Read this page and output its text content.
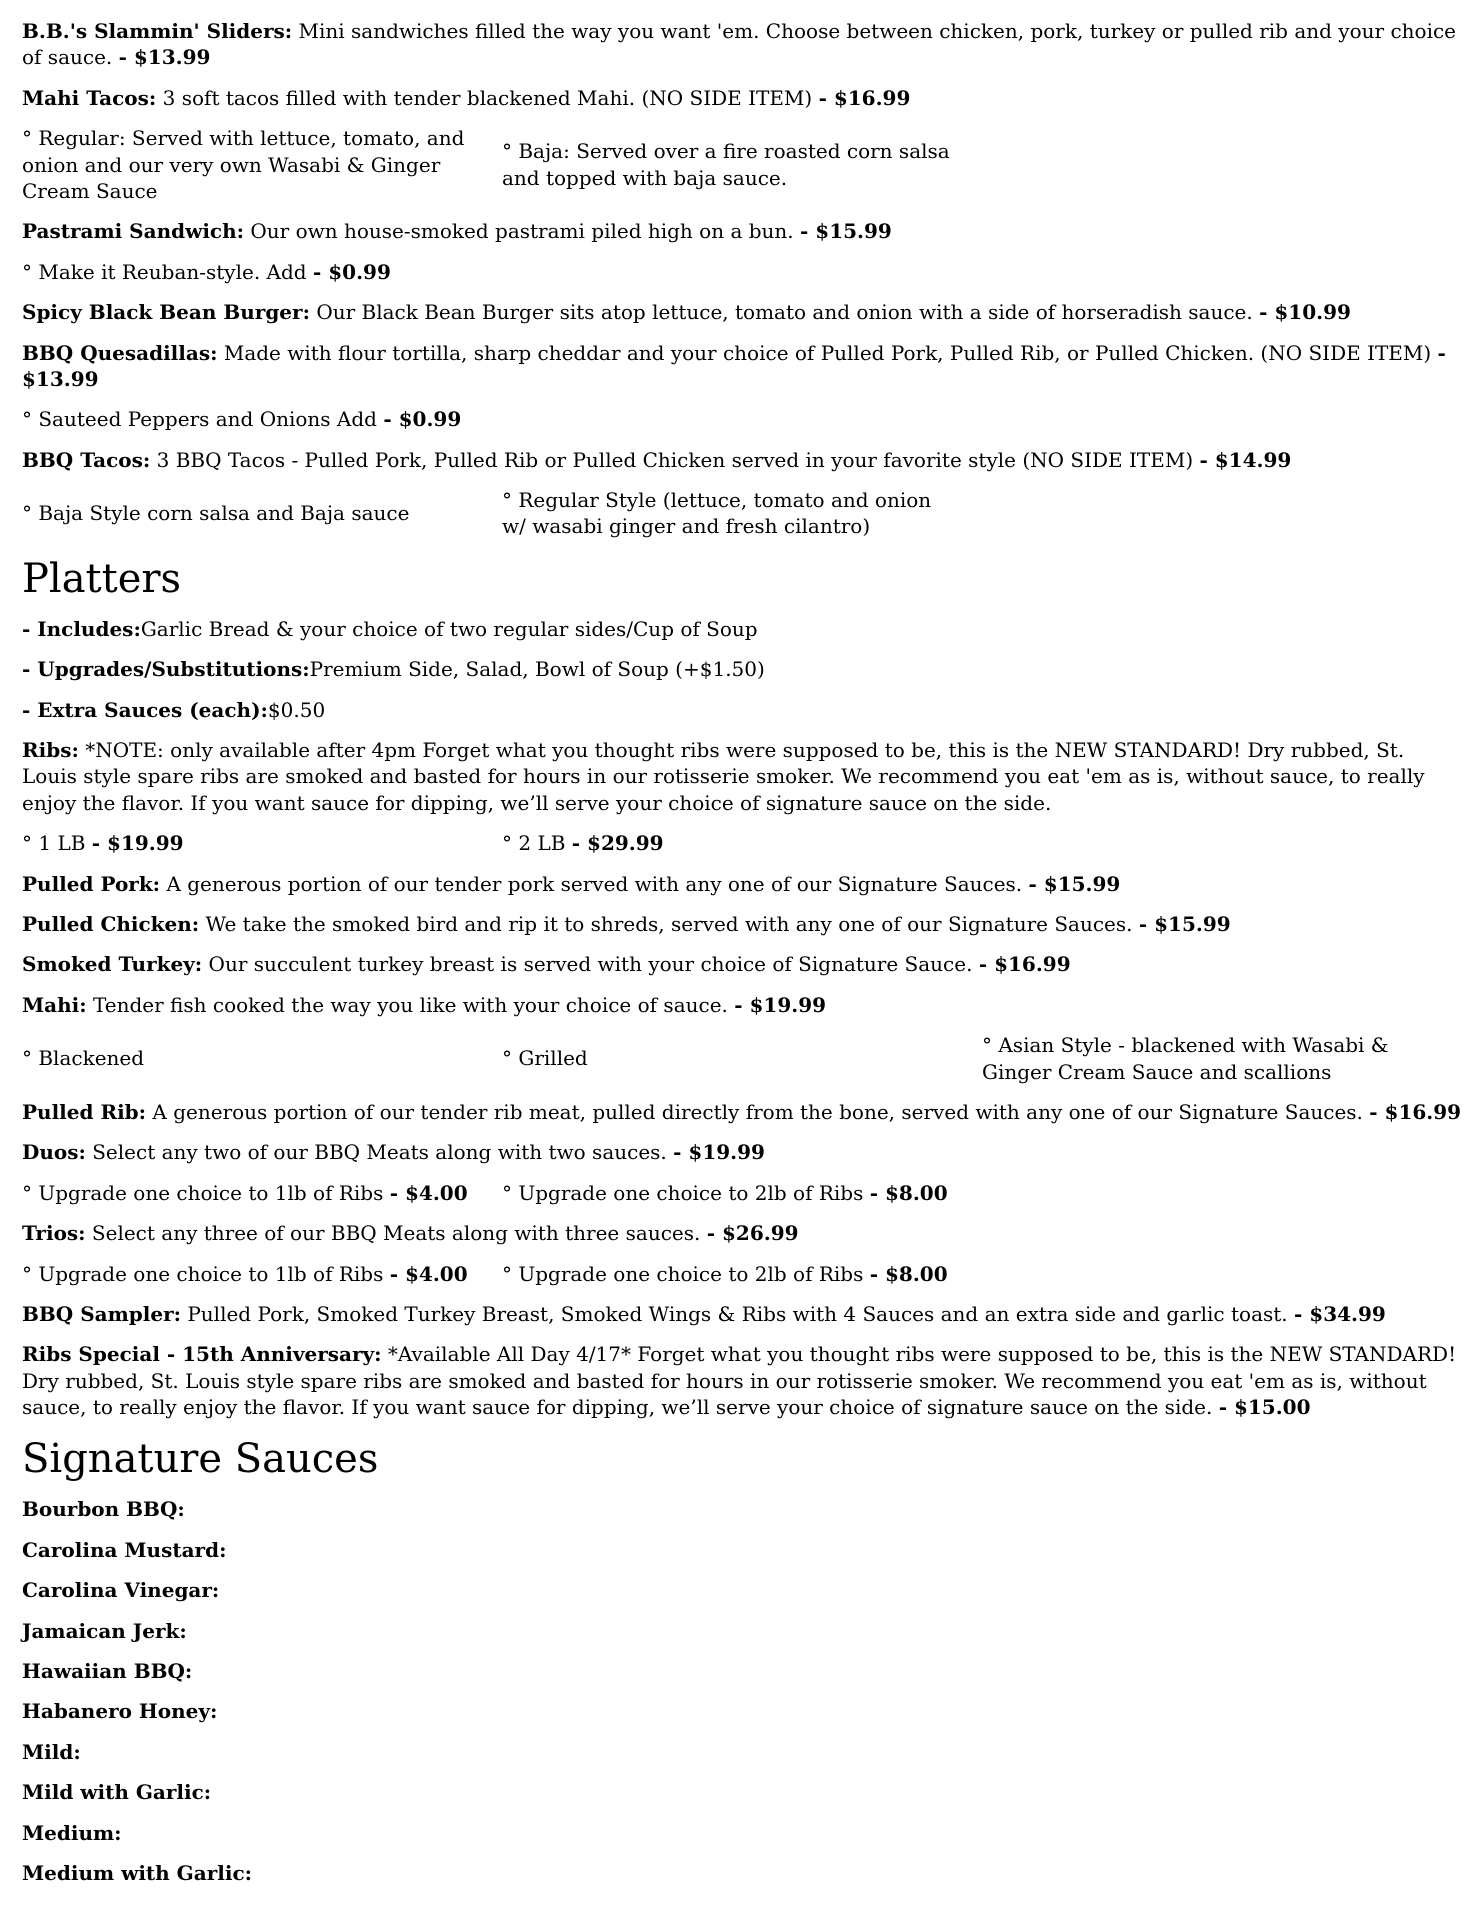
B.B.'s Slammin' Sliders: Mini sandwiches filled the way you want 'em. Choose between chicken, pork, turkey or pulled rib and your choice of sauce. - $13.99

Mahi Tacos: 3 soft tacos filled with tender blackened Mahi. (NO SIDE ITEM) - $16.99

° Regular: Served with lettuce, tomato, and onion and our very own Wasabi & Ginger Cream Sauce
° Baja: Served over a fire roasted corn salsa and topped with baja sauce.

Pastrami Sandwich: Our own house-smoked pastrami piled high on a bun. - $15.99

° Make it Reuban-style. Add - $0.99

Spicy Black Bean Burger: Our Black Bean Burger sits atop lettuce, tomato and onion with a side of horseradish sauce. - $10.99

BBQ Quesadillas: Made with flour tortilla, sharp cheddar and your choice of Pulled Pork, Pulled Rib, or Pulled Chicken. (NO SIDE ITEM) - $13.99

° Sauteed Peppers and Onions Add - $0.99

BBQ Tacos: 3 BBQ Tacos - Pulled Pork, Pulled Rib or Pulled Chicken served in your favorite style (NO SIDE ITEM) - $14.99

° Baja Style corn salsa and Baja sauce
° Regular Style (lettuce, tomato and onion w/ wasabi ginger and fresh cilantro)
Platters

- Includes:Garlic Bread & your choice of two regular sides/Cup of Soup

- Upgrades/Substitutions:Premium Side, Salad, Bowl of Soup (+$1.50)

- Extra Sauces (each):$0.50

Ribs: *NOTE: only available after 4pm Forget what you thought ribs were supposed to be, this is the NEW STANDARD! Dry rubbed, St. Louis style spare ribs are smoked and basted for hours in our rotisserie smoker. We recommend you eat 'em as is, without sauce, to really enjoy the flavor. If you want sauce for dipping, we’ll serve your choice of signature sauce on the side.

° 1 LB - $19.99	° 2 LB - $29.99

Pulled Pork: A generous portion of our tender pork served with any one of our Signature Sauces. - $15.99

Pulled Chicken: We take the smoked bird and rip it to shreds, served with any one of our Signature Sauces. - $15.99

Smoked Turkey: Our succulent turkey breast is served with your choice of Signature Sauce. - $16.99

Mahi: Tender fish cooked the way you like with your choice of sauce. - $19.99

° Blackened	° Grilled
° Asian Style - blackened with Wasabi & Ginger Cream Sauce and scallions

Pulled Rib: A generous portion of our tender rib meat, pulled directly from the bone, served with any one of our Signature Sauces. - $16.99

Duos: Select any two of our BBQ Meats along with two sauces. - $19.99

° Upgrade one choice to 1lb of Ribs - $4.00	° Upgrade one choice to 2lb of Ribs - $8.00

Trios: Select any three of our BBQ Meats along with three sauces. - $26.99

° Upgrade one choice to 1lb of Ribs - $4.00	° Upgrade one choice to 2lb of Ribs - $8.00

BBQ Sampler: Pulled Pork, Smoked Turkey Breast, Smoked Wings & Ribs with 4 Sauces and an extra side and garlic toast. - $34.99

Ribs Special - 15th Anniversary: *Available All Day 4/17* Forget what you thought ribs were supposed to be, this is the NEW STANDARD! Dry rubbed, St. Louis style spare ribs are smoked and basted for hours in our rotisserie smoker. We recommend you eat 'em as is, without sauce, to really enjoy the flavor. If you want sauce for dipping, we’ll serve your choice of signature sauce on the side. - $15.00

Signature Sauces

Bourbon BBQ:

Carolina Mustard:

Carolina Vinegar:

Jamaican Jerk:

Hawaiian BBQ:

Habanero Honey:

Mild:

Mild with Garlic:

Medium:

Medium with Garlic:
